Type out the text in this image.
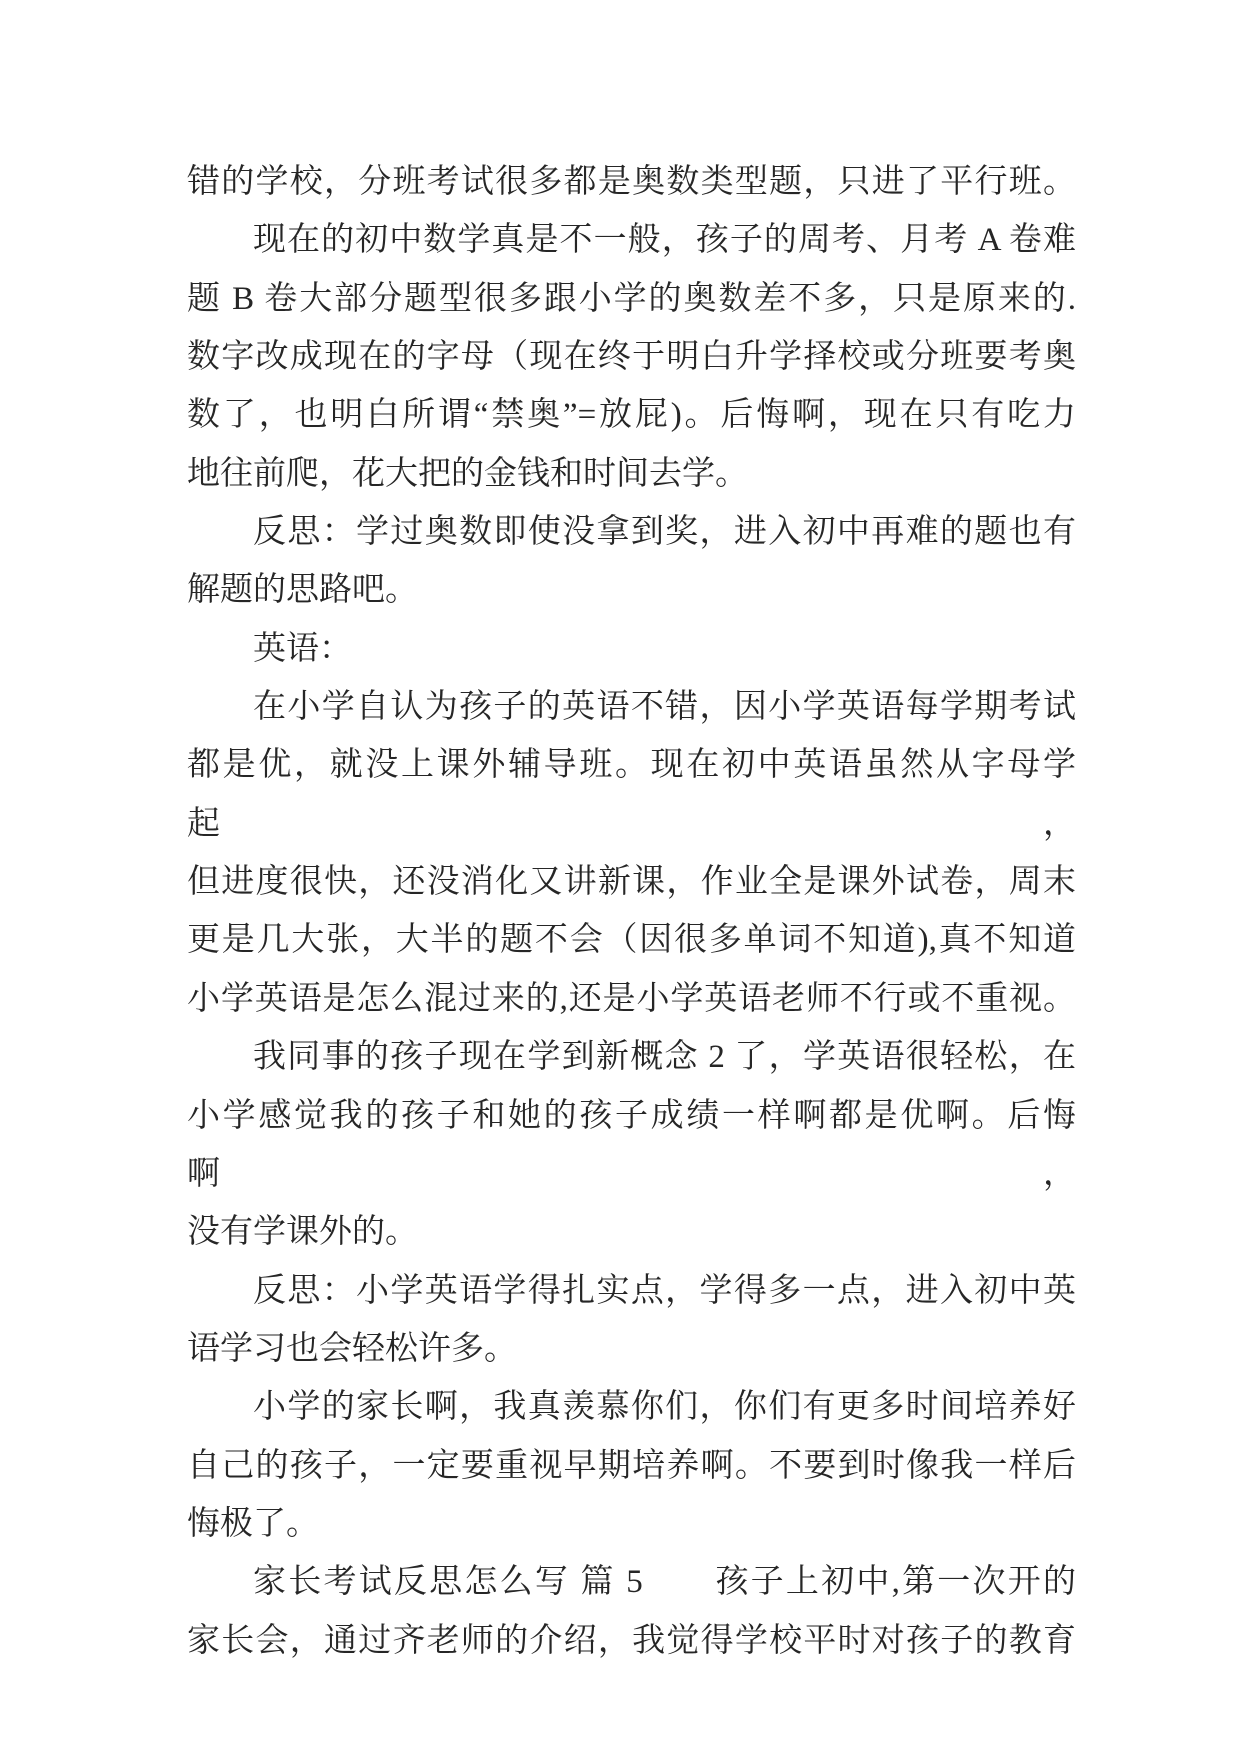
错的学校，分班考试很多都是奥数类型题，只进了平行班。
现在的初中数学真是不一般，孩子的周考、月考 A 卷难
题 B 卷大部分题型很多跟小学的奥数差不多，只是原来的.
数字改成现在的字母（现在终于明白升学择校或分班要考奥
数了，也明白所谓“禁奥”=放屁)。后悔啊，现在只有吃力
地往前爬，花大把的金钱和时间去学。
反思：学过奥数即使没拿到奖，进入初中再难的题也有
解题的思路吧。
英语：
在小学自认为孩子的英语不错，因小学英语每学期考试
都是优，就没上课外辅导班。现在初中英语虽然从字母学起，
但进度很快，还没消化又讲新课，作业全是课外试卷，周末
更是几大张，大半的题不会（因很多单词不知道),真不知道
小学英语是怎么混过来的,还是小学英语老师不行或不重视。
我同事的孩子现在学到新概念 2 了，学英语很轻松，在
小学感觉我的孩子和她的孩子成绩一样啊都是优啊。后悔啊，
没有学课外的。
反思：小学英语学得扎实点，学得多一点，进入初中英
语学习也会轻松许多。
小学的家长啊，我真羡慕你们，你们有更多时间培养好
自己的孩子，一定要重视早期培养啊。不要到时像我一样后
悔极了。
家长考试反思怎么写 篇 5　　孩子上初中,第一次开的
家长会，通过齐老师的介绍，我觉得学校平时对孩子的教育
